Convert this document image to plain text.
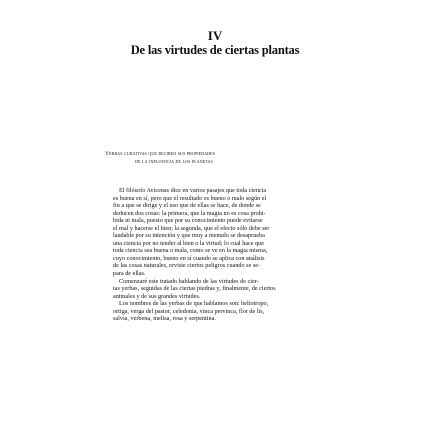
IV
De las virtudes de ciertas plantas
Yerbas curativas que reciben sus propiedades
de la influencia de los planetas
El filósofo Avicenas dice en varios pasajes que toda ciencia
es buena en sí, pero que el resultado es bueno o malo según el
fin a que se dirige y el uso que de ellas se hace, de donde se
deducen dos cosas: la primera, que la magia no es cosa prohi-
bida ni mala, puesto que por su conocimiento puede evitarse
el mal y hacerse el bien; la segunda, que el efecto sólo debe ser
laudable por su intención y que muy a menudo se desaprueba
una ciencia por no tender al bien o la virtud; lo cual hace que
toda ciencia sea buena o mala, como se ve en la magia misma,
cuyo conocimiento, bueno en sí cuando se aplica con análisis
de las cosas naturales, reviste ciertos peligros cuando se se-
para de ellas.
Comenzaré este tratado hablando de las virtudes de cier-
tas yerbas, seguidas de las ciertas piedras y, finalmente, de ciertos
animales y de sus grandes virtudes.
Los nombres de las yerbas de que hablamos son: heliotropo,
ortiga, verga del pastor, celedonia, vinca pervinca, flor de lis,
salvia, verbena, melisa, rosa y serpentina.
